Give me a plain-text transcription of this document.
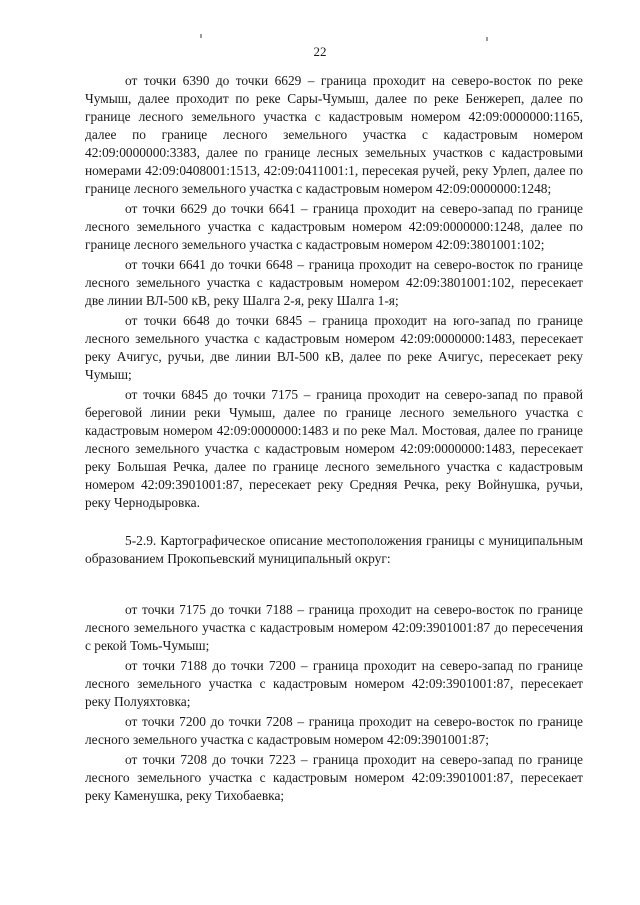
22

от точки 6390 до точки 6629 – граница проходит на северо-восток по реке Чумыш, далее проходит по реке Сары-Чумыш, далее по реке Бенжереп, далее по границе лесного земельного участка с кадастровым номером 42:09:0000000:1165, далее по границе лесного земельного участка с кадастровым номером 42:09:0000000:3383, далее по границе лесных земельных участков с кадастровыми номерами 42:09:0408001:1513, 42:09:0411001:1, пересекая ручей, реку Урлеп, далее по границе лесного земельного участка с кадастровым номером 42:09:0000000:1248;

от точки 6629 до точки 6641 – граница проходит на северо-запад по границе лесного земельного участка с кадастровым номером 42:09:0000000:1248, далее по границе лесного земельного участка с кадастровым номером 42:09:3801001:102;

от точки 6641 до точки 6648 – граница проходит на северо-восток по границе лесного земельного участка с кадастровым номером 42:09:3801001:102, пересекает две линии ВЛ-500 кВ, реку Шалга 2-я, реку Шалга 1-я;

от точки 6648 до точки 6845 – граница проходит на юго-запад по границе лесного земельного участка с кадастровым номером 42:09:0000000:1483, пересекает реку Ачигус, ручьи, две линии ВЛ-500 кВ, далее по реке Ачигус, пересекает реку Чумыш;

от точки 6845 до точки 7175 – граница проходит на северо-запад по правой береговой линии реки Чумыш, далее по границе лесного земельного участка с кадастровым номером 42:09:0000000:1483 и по реке Мал. Мостовая, далее по границе лесного земельного участка с кадастровым номером 42:09:0000000:1483, пересекает реку Большая Речка, далее по границе лесного земельного участка с кадастровым номером 42:09:3901001:87, пересекает реку Средняя Речка, реку Войнушка, ручьи, реку Чернодыровка.

5-2.9. Картографическое описание местоположения границы с муниципальным образованием Прокопьевский муниципальный округ:

от точки 7175 до точки 7188 – граница проходит на северо-восток по границе лесного земельного участка с кадастровым номером 42:09:3901001:87 до пересечения с рекой Томь-Чумыш;

от точки 7188 до точки 7200 – граница проходит на северо-запад по границе лесного земельного участка с кадастровым номером 42:09:3901001:87, пересекает реку Полуяхтовка;

от точки 7200 до точки 7208 – граница проходит на северо-восток по границе лесного земельного участка с кадастровым номером 42:09:3901001:87;

от точки 7208 до точки 7223 – граница проходит на северо-запад по границе лесного земельного участка с кадастровым номером 42:09:3901001:87, пересекает реку Каменушка, реку Тихобаевка;
